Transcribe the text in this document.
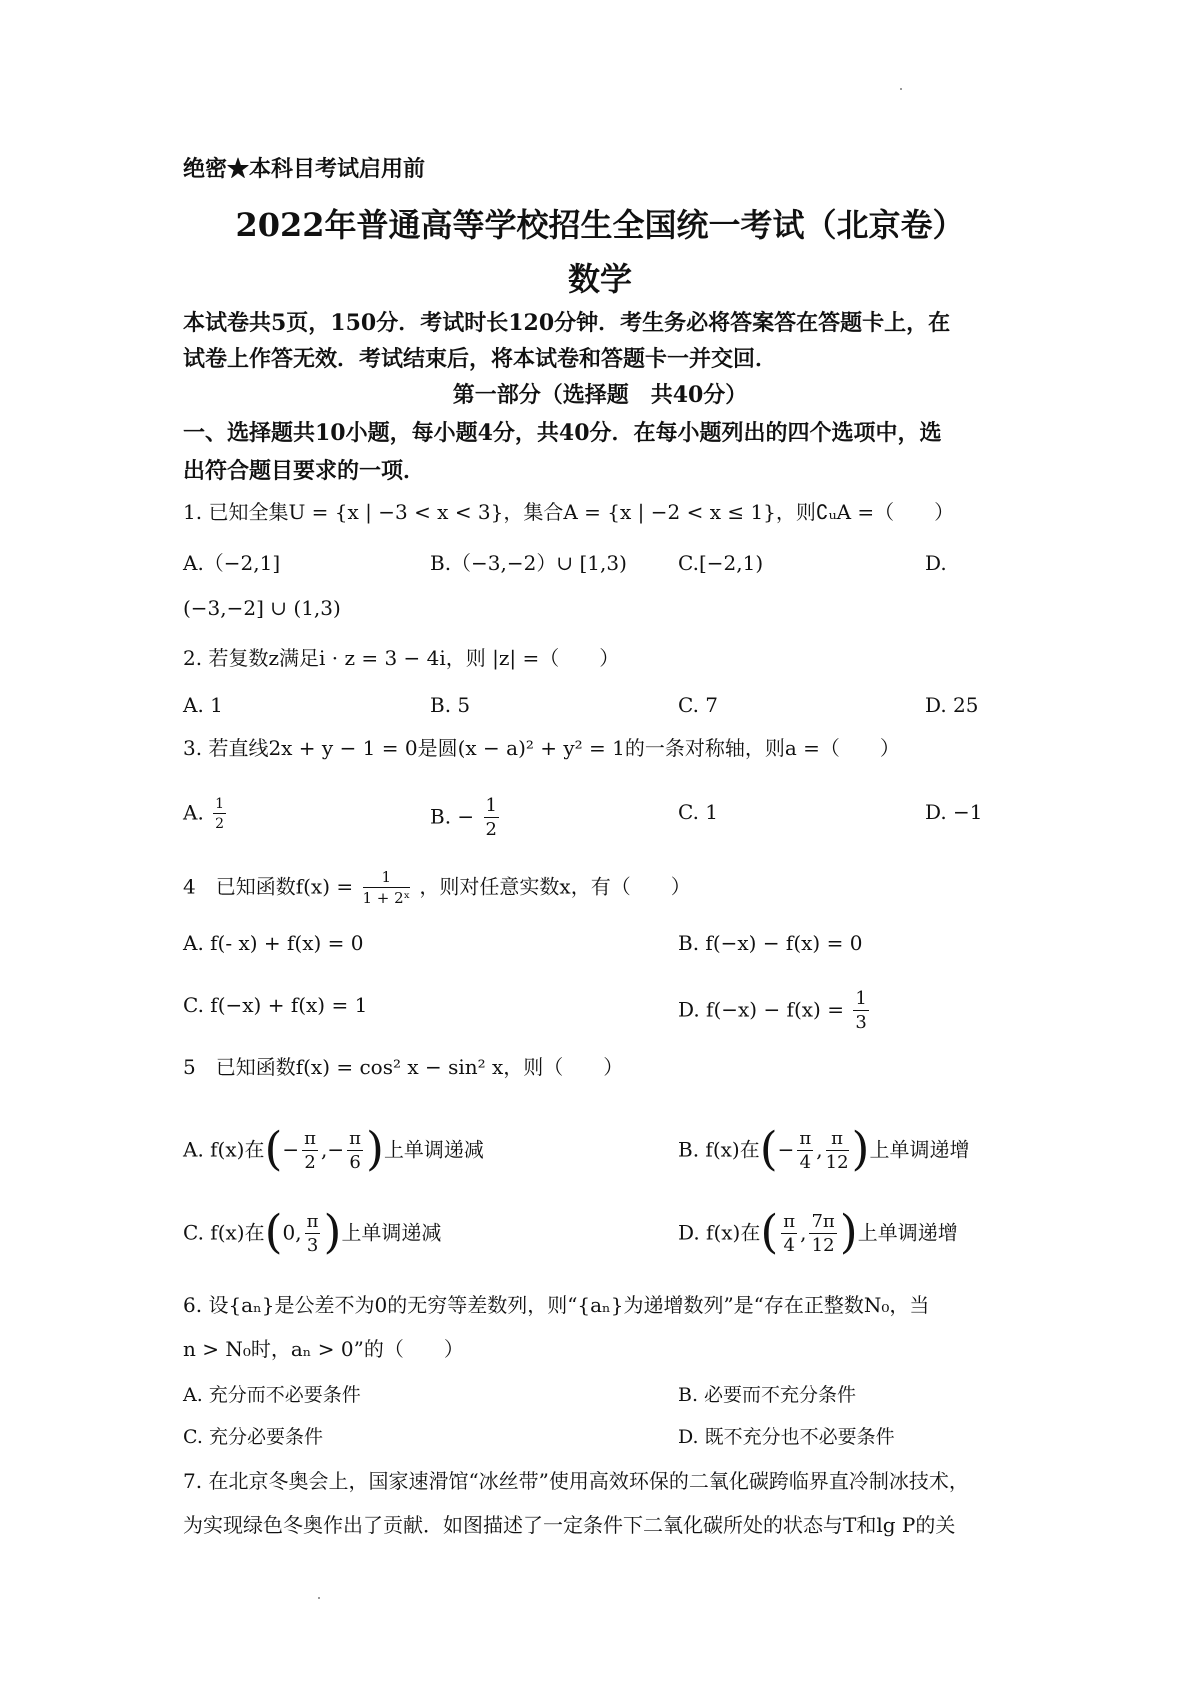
绝密★本科目考试启用前
2022年普通高等学校招生全国统一考试（北京卷）
数学
本试卷共5页，150分．考试时长120分钟．考生务必将答案答在答题卡上，在
试卷上作答无效．考试结束后，将本试卷和答题卡一并交回．
第一部分（选择题　共40分）
一、选择题共10小题，每小题4分，共40分．在每小题列出的四个选项中，选
出符合题目要求的一项．
1. 已知全集U = {x | −3 < x < 3}，集合A = {x | −2 < x ≤ 1}，则∁ᵤA =（　　）
A.（−2,1]	B.（−3,−2）∪ [1,3)	C.[−2,1)	D.
(−3,−2] ∪ (1,3)
2. 若复数z满足i · z = 3 − 4i，则 |z| =（　　）
A. 1	B. 5	C. 7	D. 25
3. 若直线2x + y − 1 = 0是圆(x − a)² + y² = 1的一条对称轴，则a =（　　）
A. $\frac{1}{2}$	B. − $\frac{1}{2}$	C. 1	D. −1
4　已知函数$f(x) = \frac{1}{\text{1 + 2ˣ}}$ ，则对任意实数x，有（　　）
A. f(- x) + f(x) = 0	B. f(−x) − f(x) = 0
C. f(−x) + f(x) = 1	D. $f(-x) - f(x) = \frac{1}{3}$
5　已知函数f(x) = cos² x − sin² x，则（　　）
A. f(x)在(− $\frac{\pi}{2}$ ,− $\frac{\pi}{6}$ )上单调递减	B. f(x)在(− $\frac{\pi}{4}$ , $\frac{\pi}{12}$ )上单调递增
C. f(x)在(0, $\frac{\pi}{3}$ )上单调递减	D. f(x)在( $\frac{\pi}{4}$ , $\frac{7\pi}{12}$ )上单调递增
6. 设{aₙ}是公差不为0的无穷等差数列，则“{aₙ}为递增数列”是“存在正整数N₀，当
n > N₀时，aₙ > 0”的（　　）
A. 充分而不必要条件	B. 必要而不充分条件
C. 充分必要条件	D. 既不充分也不必要条件
7. 在北京冬奥会上，国家速滑馆“冰丝带”使用高效环保的二氧化碳跨临界直冷制冰技术，
为实现绿色冬奥作出了贡献．如图描述了一定条件下二氧化碳所处的状态与T和lg P的关
